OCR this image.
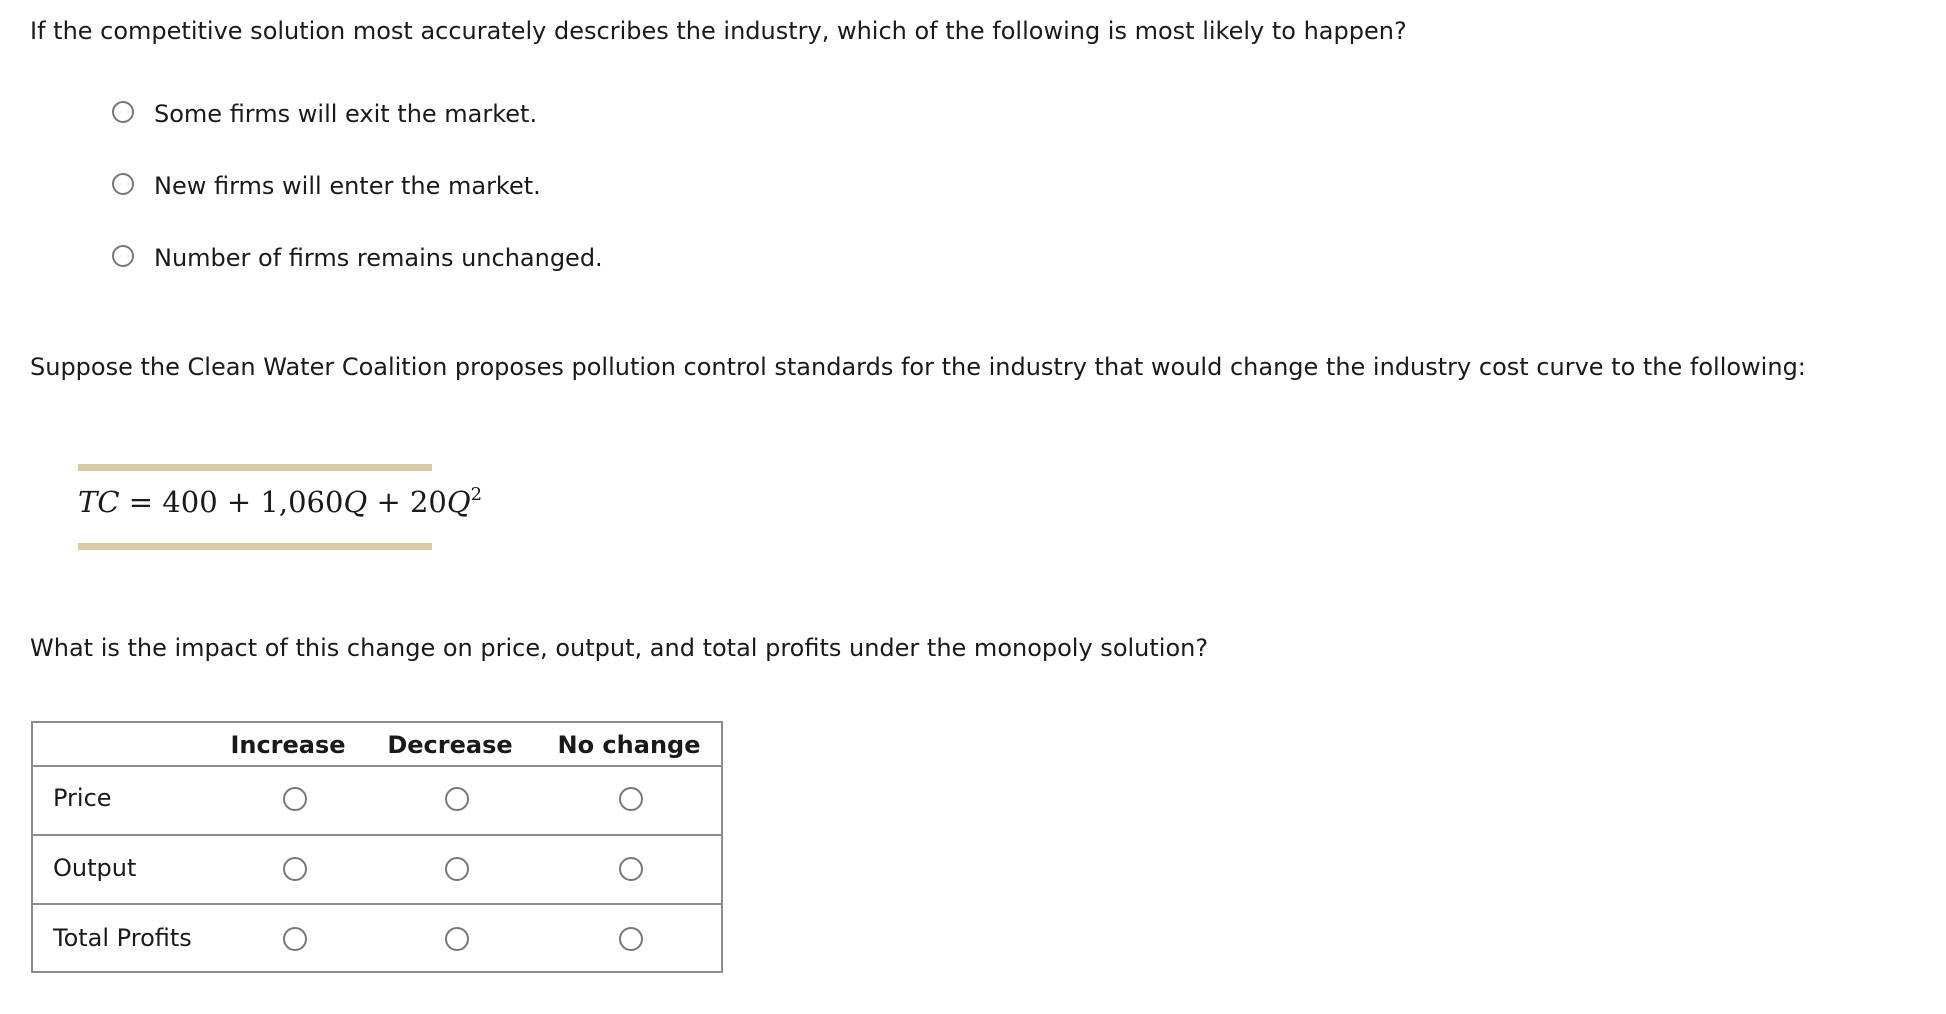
If the competitive solution most accurately describes the industry, which of the following is most likely to happen?
Some firms will exit the market.
New firms will enter the market.
Number of firms remains unchanged.
Suppose the Clean Water Coalition proposes pollution control standards for the industry that would change the industry cost curve to the following:
TC = $400 + 1,060Q + 20Q^2$
What is the impact of this change on price, output, and total profits under the monopoly solution?
Increase	Decrease	No change
Price
Output
Total Profits
